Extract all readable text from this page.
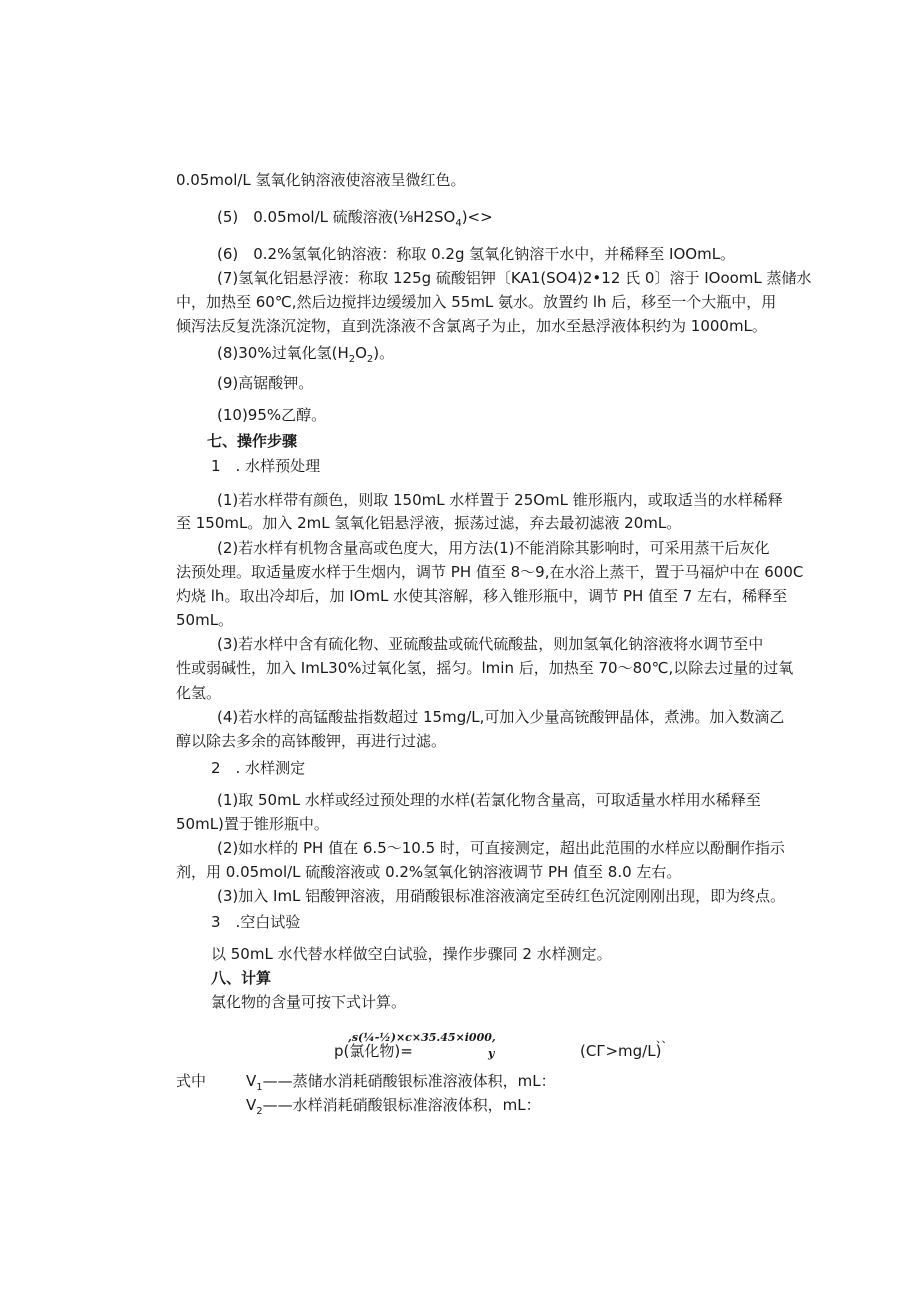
0.05mol/L 氢氧化钠溶液使溶液呈微红色。
(5)　0.05mol/L 硫酸溶液$(\frac{1}{8}H2SO_4)<>$
(6)　0.2%氢氧化钠溶液：称取 0.2g 氢氧化钠溶干水中，并稀释至 IOOmL。
(7)氢氧化铝悬浮液：称取 125g 硫酸铝钾〔KA1(SO4)2•12 氏 0〕溶于 IOoomL 蒸储水
中，加热至 60℃,然后边搅拌边缓缓加入 55mL 氨水。放置约 lh 后，移至一个大瓶中，用
倾泻法反复洗涤沉淀物，直到洗涤液不含氯离子为止，加水至悬浮液体积约为 1000mL。
(8)30%过氧化氢$(H_2O_2)$。
(9)高锯酸钾。
(10)95%乙醇。
七、操作步骤
1　. 水样预处理
(1)若水样带有颜色，则取 150mL 水样置于 25OmL 锥形瓶内，或取适当的水样稀释
至 150mL。加入 2mL 氢氧化铝悬浮液，振荡过滤，弃去最初滤液 20mL。
(2)若水样有机物含量高或色度大，用方法(1)不能消除其影响时，可采用蒸干后灰化
法预处理。取适量废水样于生烟内，调节 PH 值至 8～9,在水浴上蒸干，置于马福炉中在 600C
灼烧 lh。取出冷却后，加 IOmL 水使其溶解，移入锥形瓶中，调节 PH 值至 7 左右，稀释至
50mL。
(3)若水样中含有硫化物、亚硫酸盐或硫代硫酸盐，则加氢氧化钠溶液将水调节至中
性或弱碱性，加入 ImL30%过氧化氢，摇匀。lmin 后，加热至 70～80℃,以除去过量的过氧
化氢。
(4)若水样的高锰酸盐指数超过 15mg/L,可加入少量高铳酸钾晶体，煮沸。加入数滴乙
醇以除去多余的高钵酸钾，再进行过滤。
2　. 水样测定
(1)取 50mL 水样或经过预处理的水样(若氯化物含量高，可取适量水样用水稀释至
50mL)置于锥形瓶中。
(2)如水样的 PH 值在 6.5～10.5 时，可直接测定，超出此范围的水样应以酚酮作指示
剂，用 0.05mol/L 硫酸溶液或 0.2%氢氧化钠溶液调节 PH 值至 8.0 左右。
(3)加入 ImL 铝酸钾溶液，用硝酸银标准溶液滴定至砖红色沉淀刚刚出现，即为终点。
3　.空白试验
以 50mL 水代替水样做空白试验，操作步骤同 2 水样测定。
八、计算
氯化物的含量可按下式计算。
,s(¼-½)×c×35.45×i000,
p(氯化物)=	y	(CГ>mg/L)
、、
式中	$V_1——$蒸储水消耗硝酸银标准溶液体积，mL：
$V_2——$水样消耗硝酸银标准溶液体积，mL：
